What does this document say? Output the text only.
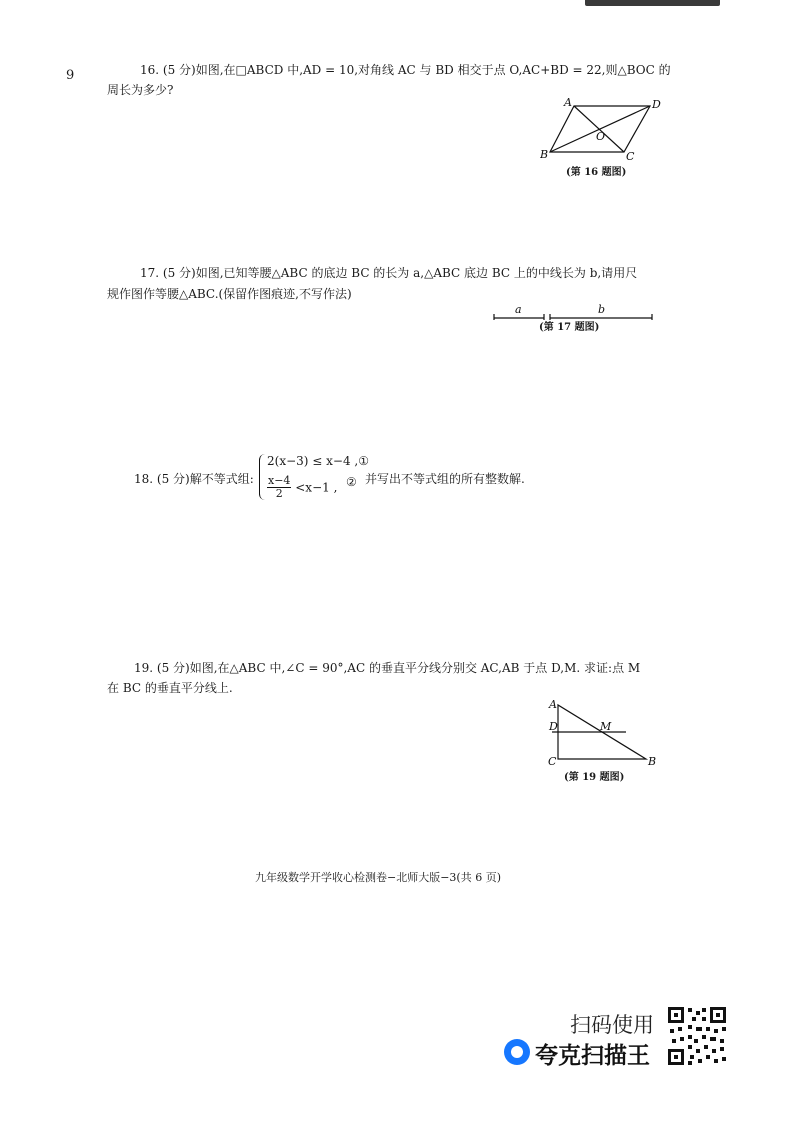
9	16. (5 分)如图,在□ABCD 中,AD = 10,对角线 AC 与 BD 相交于点 O,AC+BD = 22,则△BOC 的
周长为多少?
A	D
B	C
O
(第 16 题图)
17. (5 分)如图,已知等腰△ABC 的底边 BC 的长为 a,△ABC 底边 BC 上的中线长为 b,请用尺
规作图作等腰△ABC.(保留作图痕迹,不写作法)
a	b
(第 17 题图)
18. (5 分)解不等式组:
2(x−3) ≤ x−4 ,①
$\frac{x-4}{2} <x-1$ , ② 并写出不等式组的所有整数解.
19. (5 分)如图,在△ABC 中,∠C = 90°,AC 的垂直平分线分别交 AC,AB 于点 D,M. 求证:点 M
在 BC 的垂直平分线上.
A
D	M
C	B
(第 19 题图)
九年级数学开学收心检测卷−北师大版−3(共 6 页)
扫码使用
夸克扫描王
